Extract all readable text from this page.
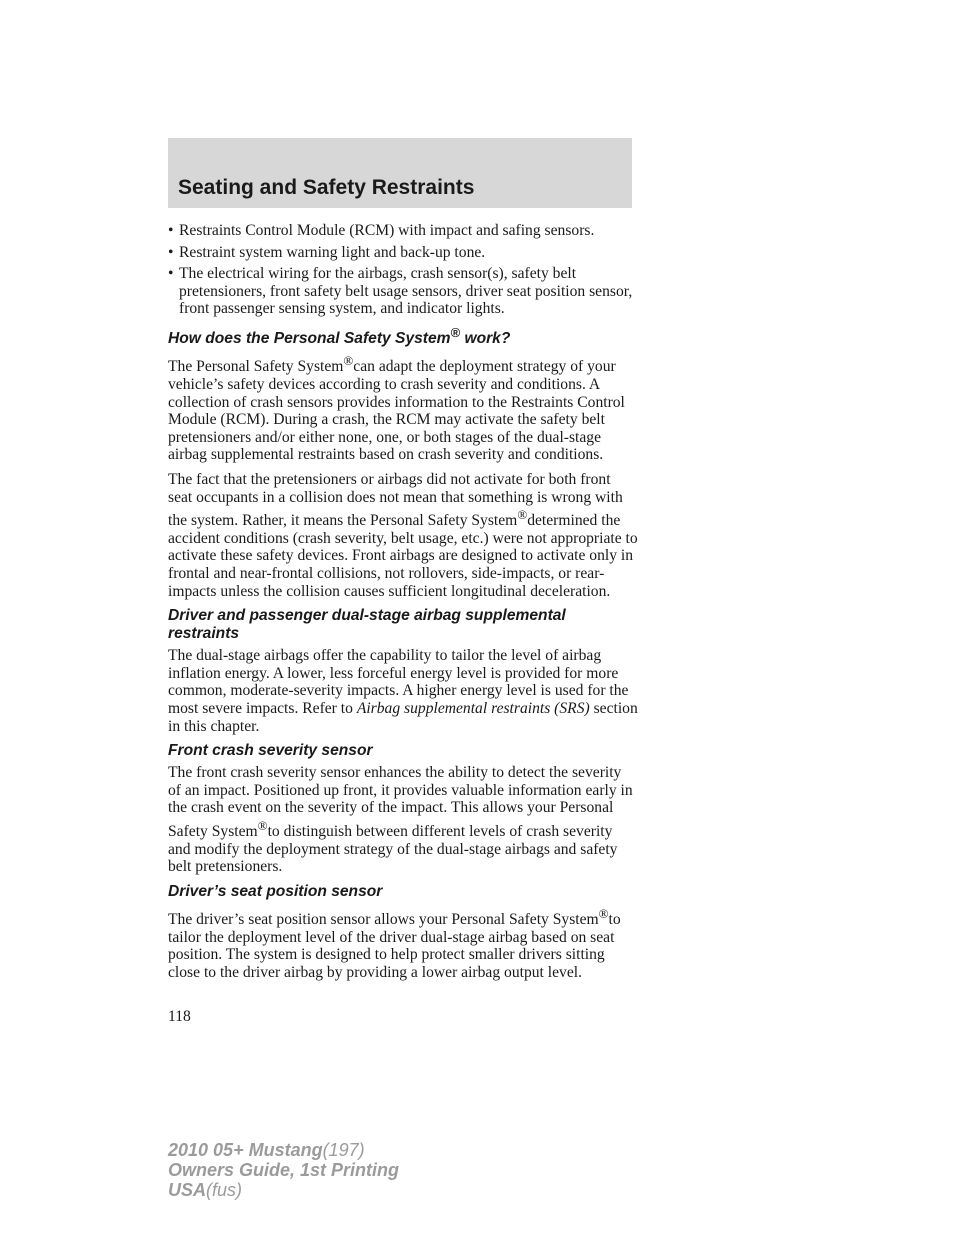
Seating and Safety Restraints
• Restraints Control Module (RCM) with impact and safing sensors.
• Restraint system warning light and back-up tone.
• The electrical wiring for the airbags, crash sensor(s), safety belt pretensioners, front safety belt usage sensors, driver seat position sensor, front passenger sensing system, and indicator lights.
How does the Personal Safety System® work?

The Personal Safety System®can adapt the deployment strategy of your vehicle’s safety devices according to crash severity and conditions. A collection of crash sensors provides information to the Restraints Control Module (RCM). During a crash, the RCM may activate the safety belt pretensioners and/or either none, one, or both stages of the dual-stage airbag supplemental restraints based on crash severity and conditions.

The fact that the pretensioners or airbags did not activate for both front seat occupants in a collision does not mean that something is wrong with the system. Rather, it means the Personal Safety System®determined the accident conditions (crash severity, belt usage, etc.) were not appropriate to activate these safety devices. Front airbags are designed to activate only in frontal and near-frontal collisions, not rollovers, side-impacts, or rear-impacts unless the collision causes sufficient longitudinal deceleration.

Driver and passenger dual-stage airbag supplemental restraints

The dual-stage airbags offer the capability to tailor the level of airbag inflation energy. A lower, less forceful energy level is provided for more common, moderate-severity impacts. A higher energy level is used for the most severe impacts. Refer to Airbag supplemental restraints (SRS) section in this chapter.

Front crash severity sensor

The front crash severity sensor enhances the ability to detect the severity of an impact. Positioned up front, it provides valuable information early in the crash event on the severity of the impact. This allows your Personal Safety System®to distinguish between different levels of crash severity and modify the deployment strategy of the dual-stage airbags and safety belt pretensioners.

Driver’s seat position sensor

The driver’s seat position sensor allows your Personal Safety System®to tailor the deployment level of the driver dual-stage airbag based on seat position. The system is designed to help protect smaller drivers sitting close to the driver airbag by providing a lower airbag output level.

118
2010 05+ Mustang(197)
Owners Guide, 1st Printing
USA(fus)
